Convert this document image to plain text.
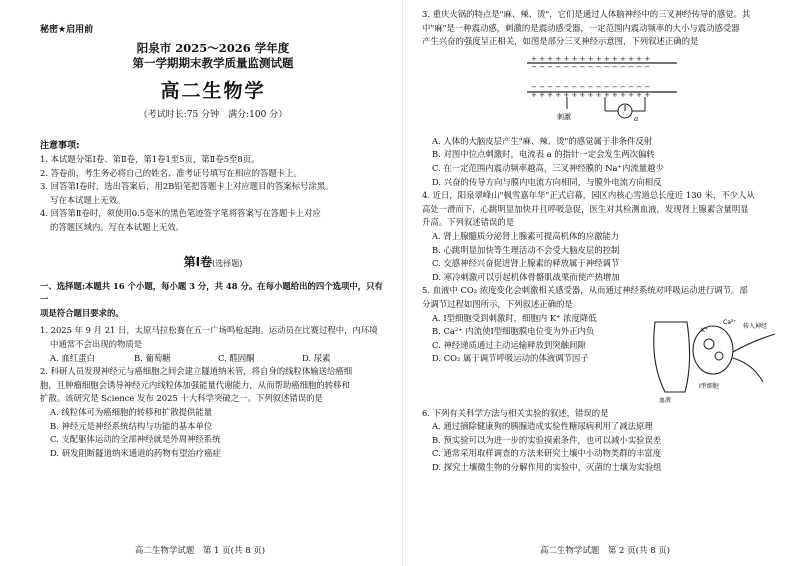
秘密★启用前
阳泉市 2025～2026 学年度
第一学期期末教学质量监测试题
高二生物学
（考试时长:75 分钟　满分:100 分）
注意事项:
1. 本试题分第Ⅰ卷、第Ⅱ卷，第1卷1至5页，第Ⅱ卷5至8页。
2. 答卷前，考生务必将自己的姓名、准考证号填写在相应的答题卡上。
3. 回答第Ⅰ卷时，选出答案后，用2B铅笔把答题卡上对应题目的答案标号涂黑。
写在本试题上无效。
4. 回答第Ⅱ卷时，须使用0.5毫米的黑色笔迹签字笔将答案写在答题卡上对应
的答题区域内。写在本试题上无效。
第Ⅰ卷(选择题)
一、选择题:本题共 16 个小题，每小题 3 分，共 48 分。在每小题给出的四个选项中，只有一
项是符合题目要求的。
1. 2025 年 9 月 21 日，太原马拉松赛在五一广场鸣枪起跑。运动员在比赛过程中，内环境
中通常不会出现的物质是
A. 血红蛋白	B. 葡萄糖	C. 醛固酮	D. 尿素
2. 科研人员发现神经元与癌细胞之间会建立隧道纳米管，将自身的线粒体输送给癌细
胞，且肿瘤细胞会诱导神经元内线粒体加强能量代谢能力，从而帮助癌细胞的转移和
扩散。该研究是 Science 发布 2025 十大科学突破之一。下列叙述错误的是
A. 线粒体可为癌细胞的转移和扩散提供能量
B. 神经元是神经系统结构与功能的基本单位
C. 支配躯体运动的全部神经就是外周神经系统
D. 研发阻断隧道纳米通道的药物有望治疗癌症
高二生物学试题　第 1 页(共 8 页)
3. 重庆火锅的特点是"麻、辣、烫"，它们是通过人体脑神经中的三叉神经传导的感觉。其
中"麻"是一种震动感，刺激的是震动感受器，一定范围内震动频率的大小与震动感受器
产生兴奋的强度呈正相关，如图是部分三叉神经示意图，下列叙述正确的是
+ + + + + + + + + + + + + + +
− − − − − − − − − − − − − − −
− − − − − − − − − − − − − − −
+ + + + + + + + + + + + + + +
刺激	a
A. 人体的大脑皮层产生"麻、辣、烫"的感觉属于非条件反射
B. 对图中位点刺激时，电流表 a 的指针一定会发生两次偏转
C. 在一定范围内震动频率越高，三叉神经膜的 Na⁺内流量越少
D. 兴奋的传导方向与膜内电流方向相同，与膜外电流方向相反
4. 近日，阳泉翠峰山"枫雪嘉年华"正式启幕，园区内核心雪道总长度近 130 米，不少人从
高处一滑而下，心跳明显加快并且呼吸急促，医生对其检测血液，发现肾上腺素含量明显
升高。下列叙述错误的是
A. 肾上腺髓质分泌肾上腺素可提高机体的应激能力
B. 心跳明显加快等生理活动不会受大脑皮层的控制
C. 交感神经兴奋促进肾上腺素的释放属于神经调节
D. 寒冷刺激可以引起机体骨骼肌战栗而使产热增加
5. 血液中 CO₂ 浓度变化会刺激相关感受器，从而通过神经系统对呼吸运动进行调节。部
分调节过程如图所示，下列叙述正确的是
A. Ⅰ型细胞受到刺激时，细胞内 K⁺ 浓度降低
B. Ca²⁺ 内流使Ⅰ型细胞膜电位变为外正内负
C. 神经递质通过主动运输释放到突触间隙
D. CO₂ 属于调节呼吸运动的体液调节因子
Ca²⁺
K⁺
传入神经
血液
Ⅰ型细胞
6. 下列有关科学方法与相关实验的叙述，错误的是
A. 通过摘除健康狗的胰腺造成实验性糖尿病利用了减法原理
B. 预实验可以为进一步的实验摸索条件，也可以减小实验误差
C. 通常采用取样调查的方法来研究土壤中小动物类群的丰富度
D. 探究土壤微生物的分解作用的实验中，灭菌的土壤为实验组
高二生物学试题　第 2 页(共 8 页)
